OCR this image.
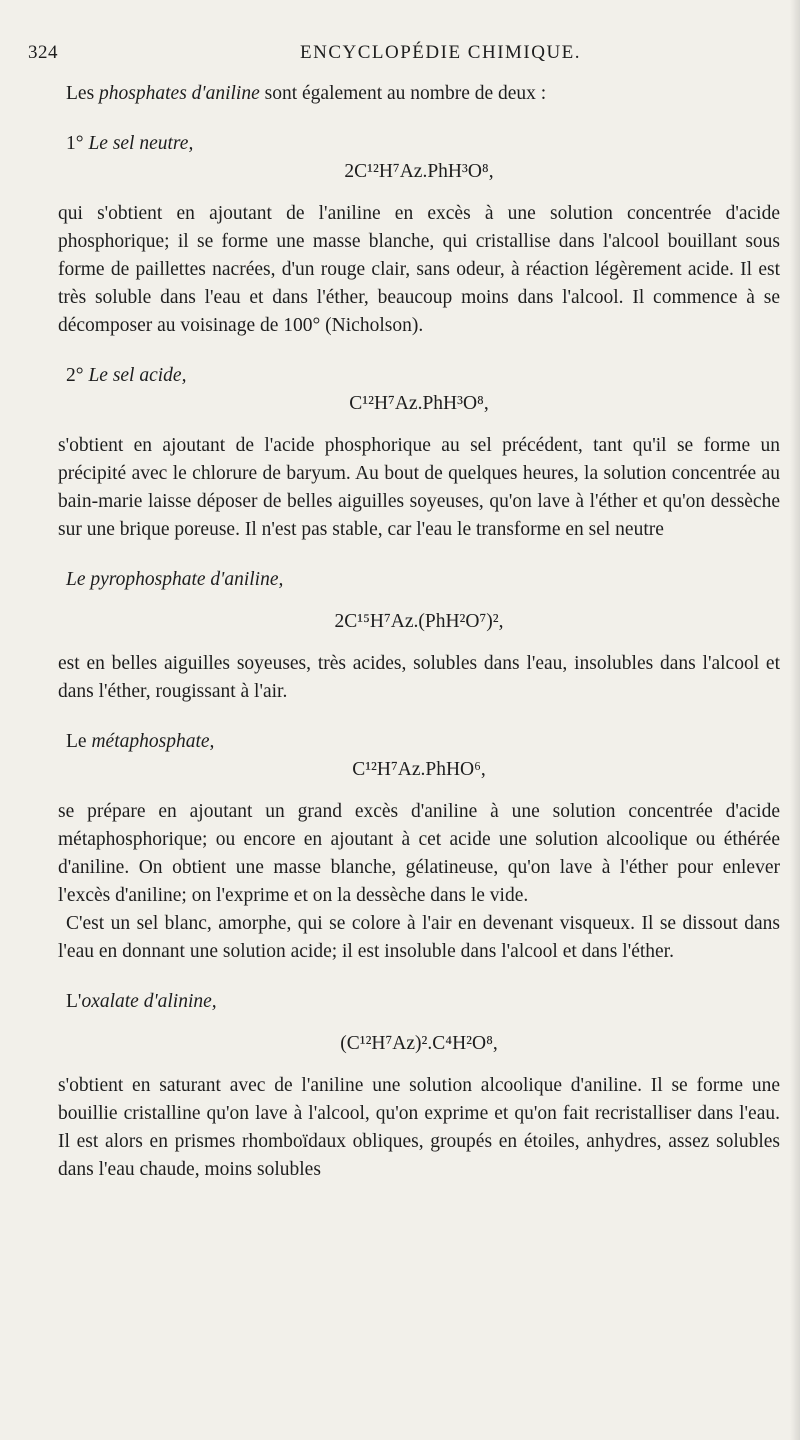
324	ENCYCLOPÉDIE CHIMIQUE.

Les phosphates d'aniline sont également au nombre de deux :

1° Le sel neutre,

2C¹²H⁷Az.PhH³O⁸,

qui s'obtient en ajoutant de l'aniline en excès à une solution concentrée d'acide phosphorique; il se forme une masse blanche, qui cristallise dans l'alcool bouillant sous forme de paillettes nacrées, d'un rouge clair, sans odeur, à réaction légèrement acide. Il est très soluble dans l'eau et dans l'éther, beaucoup moins dans l'alcool. Il commence à se décomposer au voisinage de 100° (Nicholson).

2° Le sel acide,

C¹²H⁷Az.PhH³O⁸,

s'obtient en ajoutant de l'acide phosphorique au sel précédent, tant qu'il se forme un précipité avec le chlorure de baryum. Au bout de quelques heures, la solution concentrée au bain-marie laisse déposer de belles aiguilles soyeuses, qu'on lave à l'éther et qu'on dessèche sur une brique poreuse. Il n'est pas stable, car l'eau le transforme en sel neutre

Le pyrophosphate d'aniline,

2C¹⁵H⁷Az.(PhH²O⁷)²,

est en belles aiguilles soyeuses, très acides, solubles dans l'eau, insolubles dans l'alcool et dans l'éther, rougissant à l'air.

Le métaphosphate,

C¹²H⁷Az.PhHO⁶,

se prépare en ajoutant un grand excès d'aniline à une solution concentrée d'acide métaphosphorique; ou encore en ajoutant à cet acide une solution alcoolique ou éthérée d'aniline. On obtient une masse blanche, gélatineuse, qu'on lave à l'éther pour enlever l'excès d'aniline; on l'exprime et on la dessèche dans le vide.

C'est un sel blanc, amorphe, qui se colore à l'air en devenant visqueux. Il se dissout dans l'eau en donnant une solution acide; il est insoluble dans l'alcool et dans l'éther.

L'oxalate d'alinine,

(C¹²H⁷Az)².C⁴H²O⁸,

s'obtient en saturant avec de l'aniline une solution alcoolique d'aniline. Il se forme une bouillie cristalline qu'on lave à l'alcool, qu'on exprime et qu'on fait recristalliser dans l'eau. Il est alors en prismes rhomboïdaux obliques, groupés en étoiles, anhydres, assez solubles dans l'eau chaude, moins solubles
